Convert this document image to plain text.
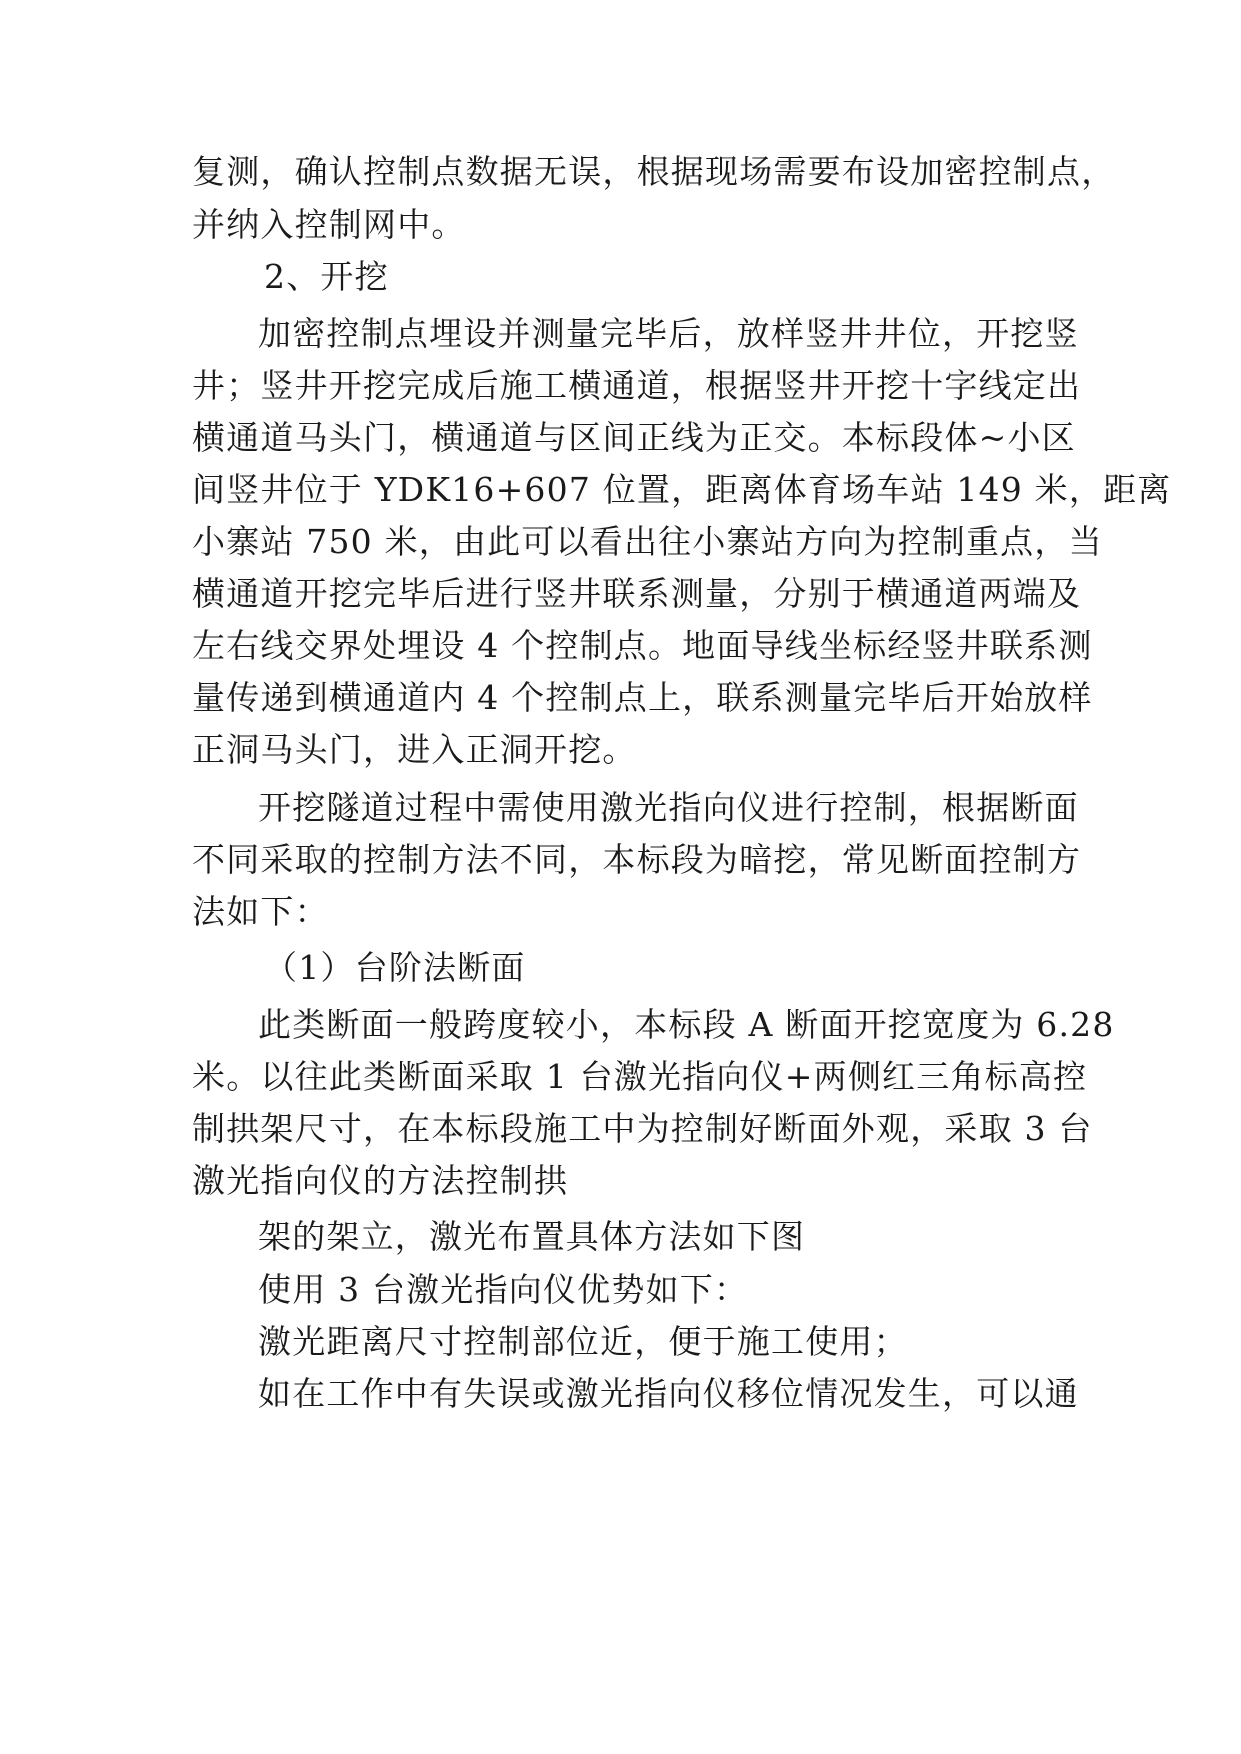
复测，确认控制点数据无误，根据现场需要布设加密控制点，
并纳入控制网中。
2、开挖
加密控制点埋设并测量完毕后，放样竖井井位，开挖竖
井；竖井开挖完成后施工横通道，根据竖井开挖十字线定出
横通道马头门，横通道与区间正线为正交。本标段体~小区
间竖井位于 YDK16+607 位置，距离体育场车站 149 米，距离
小寨站 750 米，由此可以看出往小寨站方向为控制重点，当
横通道开挖完毕后进行竖井联系测量，分别于横通道两端及
左右线交界处埋设 4 个控制点。地面导线坐标经竖井联系测
量传递到横通道内 4 个控制点上，联系测量完毕后开始放样
正洞马头门，进入正洞开挖。
开挖隧道过程中需使用激光指向仪进行控制，根据断面
不同采取的控制方法不同，本标段为暗挖，常见断面控制方
法如下：
（1）台阶法断面
此类断面一般跨度较小，本标段 A 断面开挖宽度为 6.28
米。以往此类断面采取 1 台激光指向仪+两侧红三角标高控
制拱架尺寸，在本标段施工中为控制好断面外观，采取 3 台
激光指向仪的方法控制拱
架的架立，激光布置具体方法如下图
使用 3 台激光指向仪优势如下：
激光距离尺寸控制部位近，便于施工使用；
如在工作中有失误或激光指向仪移位情况发生，可以通
